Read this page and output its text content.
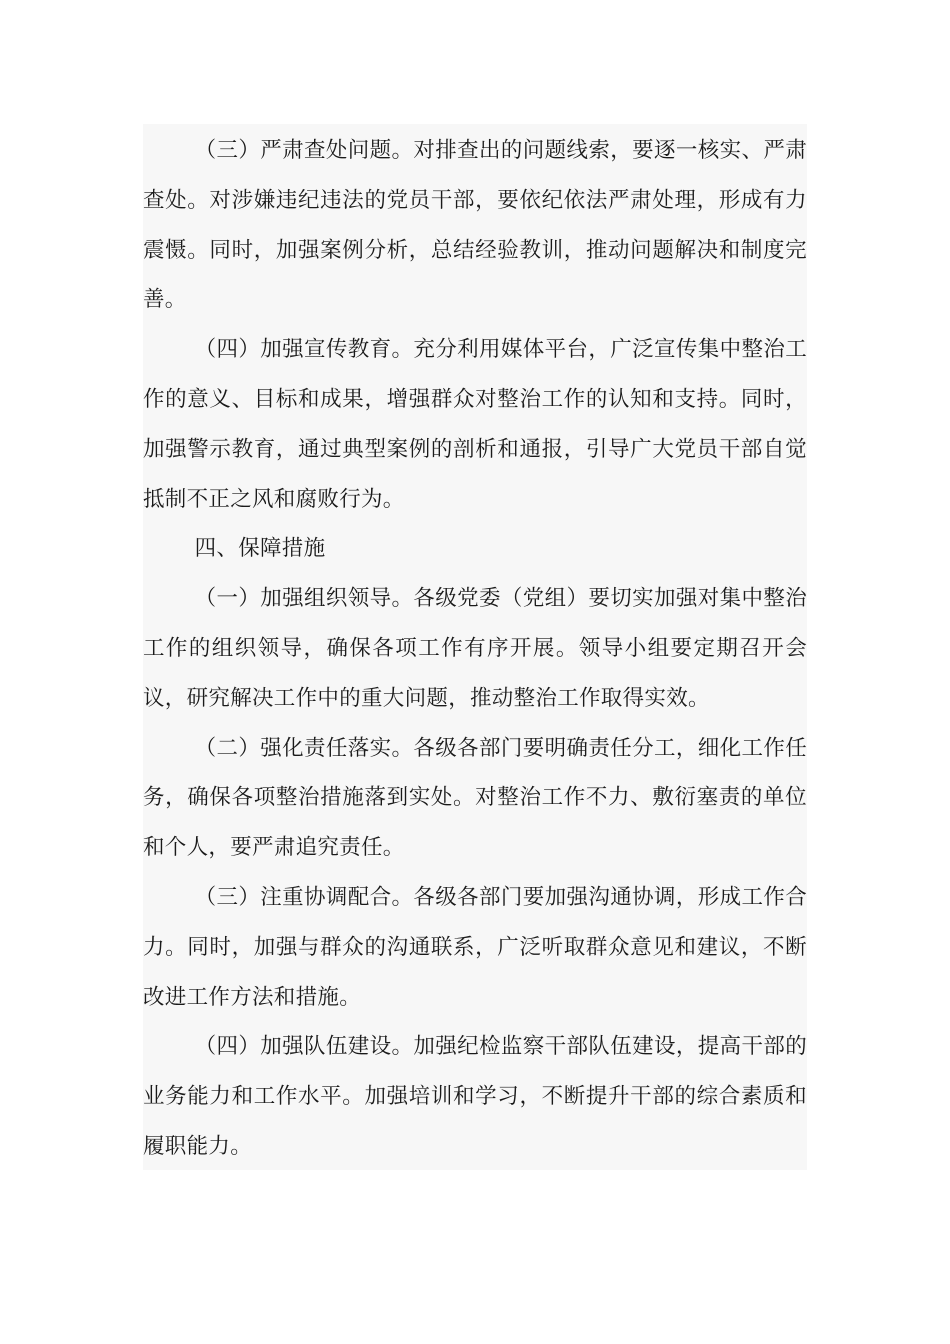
（三）严肃查处问题。对排查出的问题线索，要逐一核实、严肃查处。对涉嫌违纪违法的党员干部，要依纪依法严肃处理，形成有力震慑。同时，加强案例分析，总结经验教训，推动问题解决和制度完善。

（四）加强宣传教育。充分利用媒体平台，广泛宣传集中整治工作的意义、目标和成果，增强群众对整治工作的认知和支持。同时，加强警示教育，通过典型案例的剖析和通报，引导广大党员干部自觉抵制不正之风和腐败行为。

四、保障措施

（一）加强组织领导。各级党委（党组）要切实加强对集中整治工作的组织领导，确保各项工作有序开展。领导小组要定期召开会议，研究解决工作中的重大问题，推动整治工作取得实效。

（二）强化责任落实。各级各部门要明确责任分工，细化工作任务，确保各项整治措施落到实处。对整治工作不力、敷衍塞责的单位和个人，要严肃追究责任。

（三）注重协调配合。各级各部门要加强沟通协调，形成工作合力。同时，加强与群众的沟通联系，广泛听取群众意见和建议，不断改进工作方法和措施。

（四）加强队伍建设。加强纪检监察干部队伍建设，提高干部的业务能力和工作水平。加强培训和学习，不断提升干部的综合素质和履职能力。
